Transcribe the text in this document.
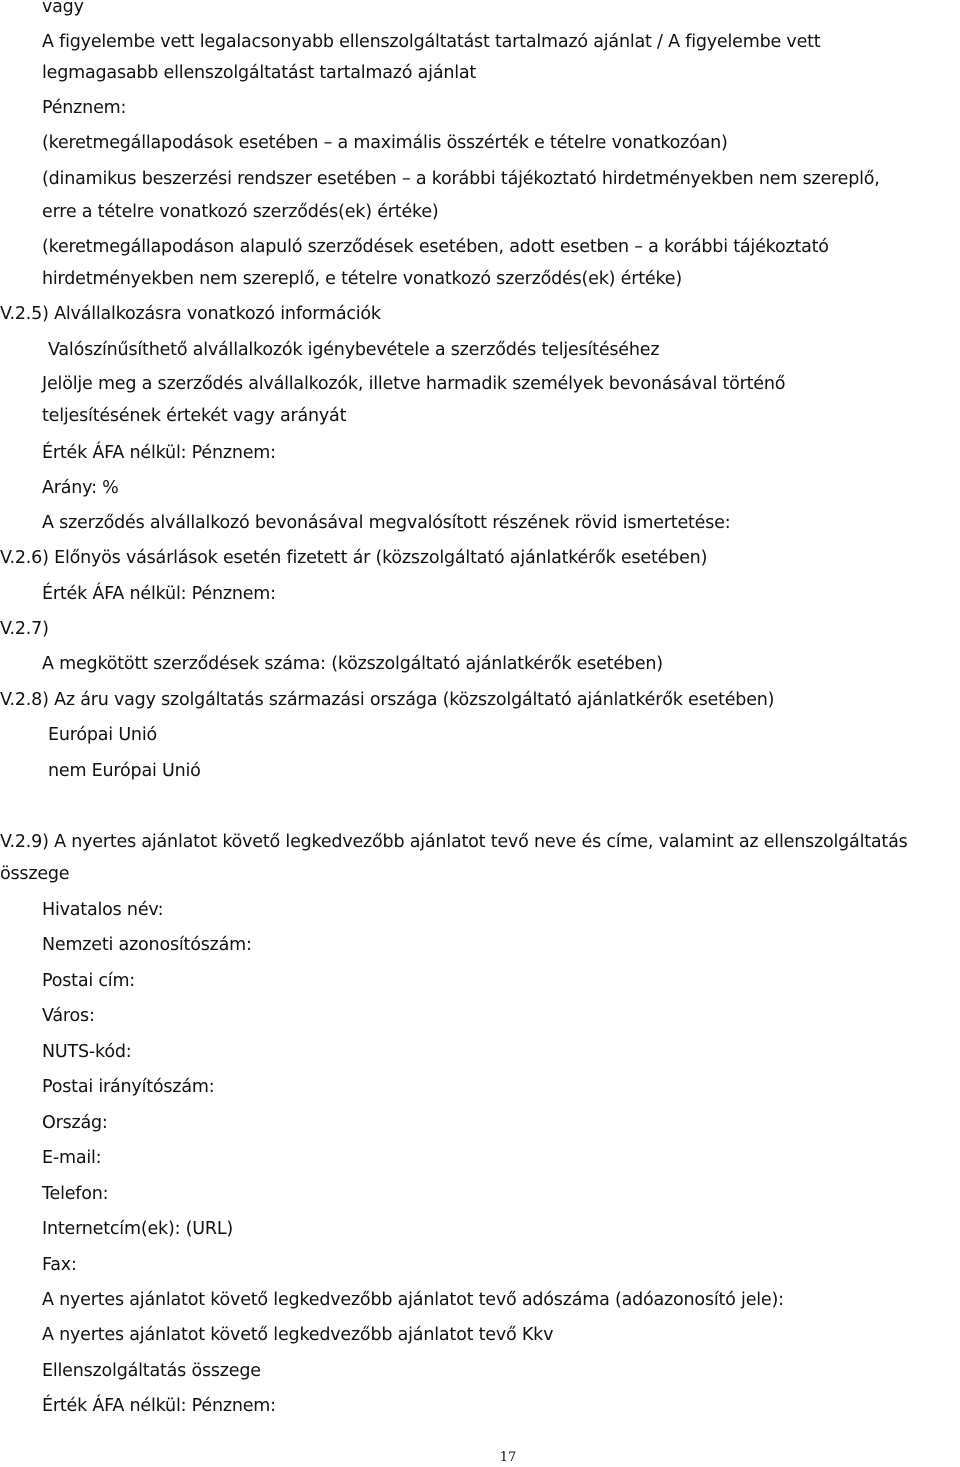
vagy
A figyelembe vett legalacsonyabb ellenszolgáltatást tartalmazó ajánlat / A figyelembe vett
legmagasabb ellenszolgáltatást tartalmazó ajánlat
Pénznem:
(keretmegállapodások esetében – a maximális összérték e tételre vonatkozóan)
(dinamikus beszerzési rendszer esetében – a korábbi tájékoztató hirdetményekben nem szereplő,
erre a tételre vonatkozó szerződés(ek) értéke)
(keretmegállapodáson alapuló szerződések esetében, adott esetben – a korábbi tájékoztató
hirdetményekben nem szereplő, e tételre vonatkozó szerződés(ek) értéke)
V.2.5) Alvállalkozásra vonatkozó információk
Valószínűsíthető alvállalkozók igénybevétele a szerződés teljesítéséhez
Jelölje meg a szerződés alvállalkozók, illetve harmadik személyek bevonásával történő
teljesítésének értekét vagy arányát
Érték ÁFA nélkül: Pénznem:
Arány: %
A szerződés alvállalkozó bevonásával megvalósított részének rövid ismertetése:
V.2.6) Előnyös vásárlások esetén fizetett ár (közszolgáltató ajánlatkérők esetében)
Érték ÁFA nélkül: Pénznem:
V.2.7)
A megkötött szerződések száma: (közszolgáltató ajánlatkérők esetében)
V.2.8) Az áru vagy szolgáltatás származási országa (közszolgáltató ajánlatkérők esetében)
Európai Unió
nem Európai Unió
V.2.9) A nyertes ajánlatot követő legkedvezőbb ajánlatot tevő neve és címe, valamint az ellenszolgáltatás
összege
Hivatalos név:
Nemzeti azonosítószám:
Postai cím:
Város:
NUTS-kód:
Postai irányítószám:
Ország:
E-mail:
Telefon:
Internetcím(ek): (URL)
Fax:
A nyertes ajánlatot követő legkedvezőbb ajánlatot tevő adószáma (adóazonosító jele):
A nyertes ajánlatot követő legkedvezőbb ajánlatot tevő Kkv
Ellenszolgáltatás összege
Érték ÁFA nélkül: Pénznem:
17
